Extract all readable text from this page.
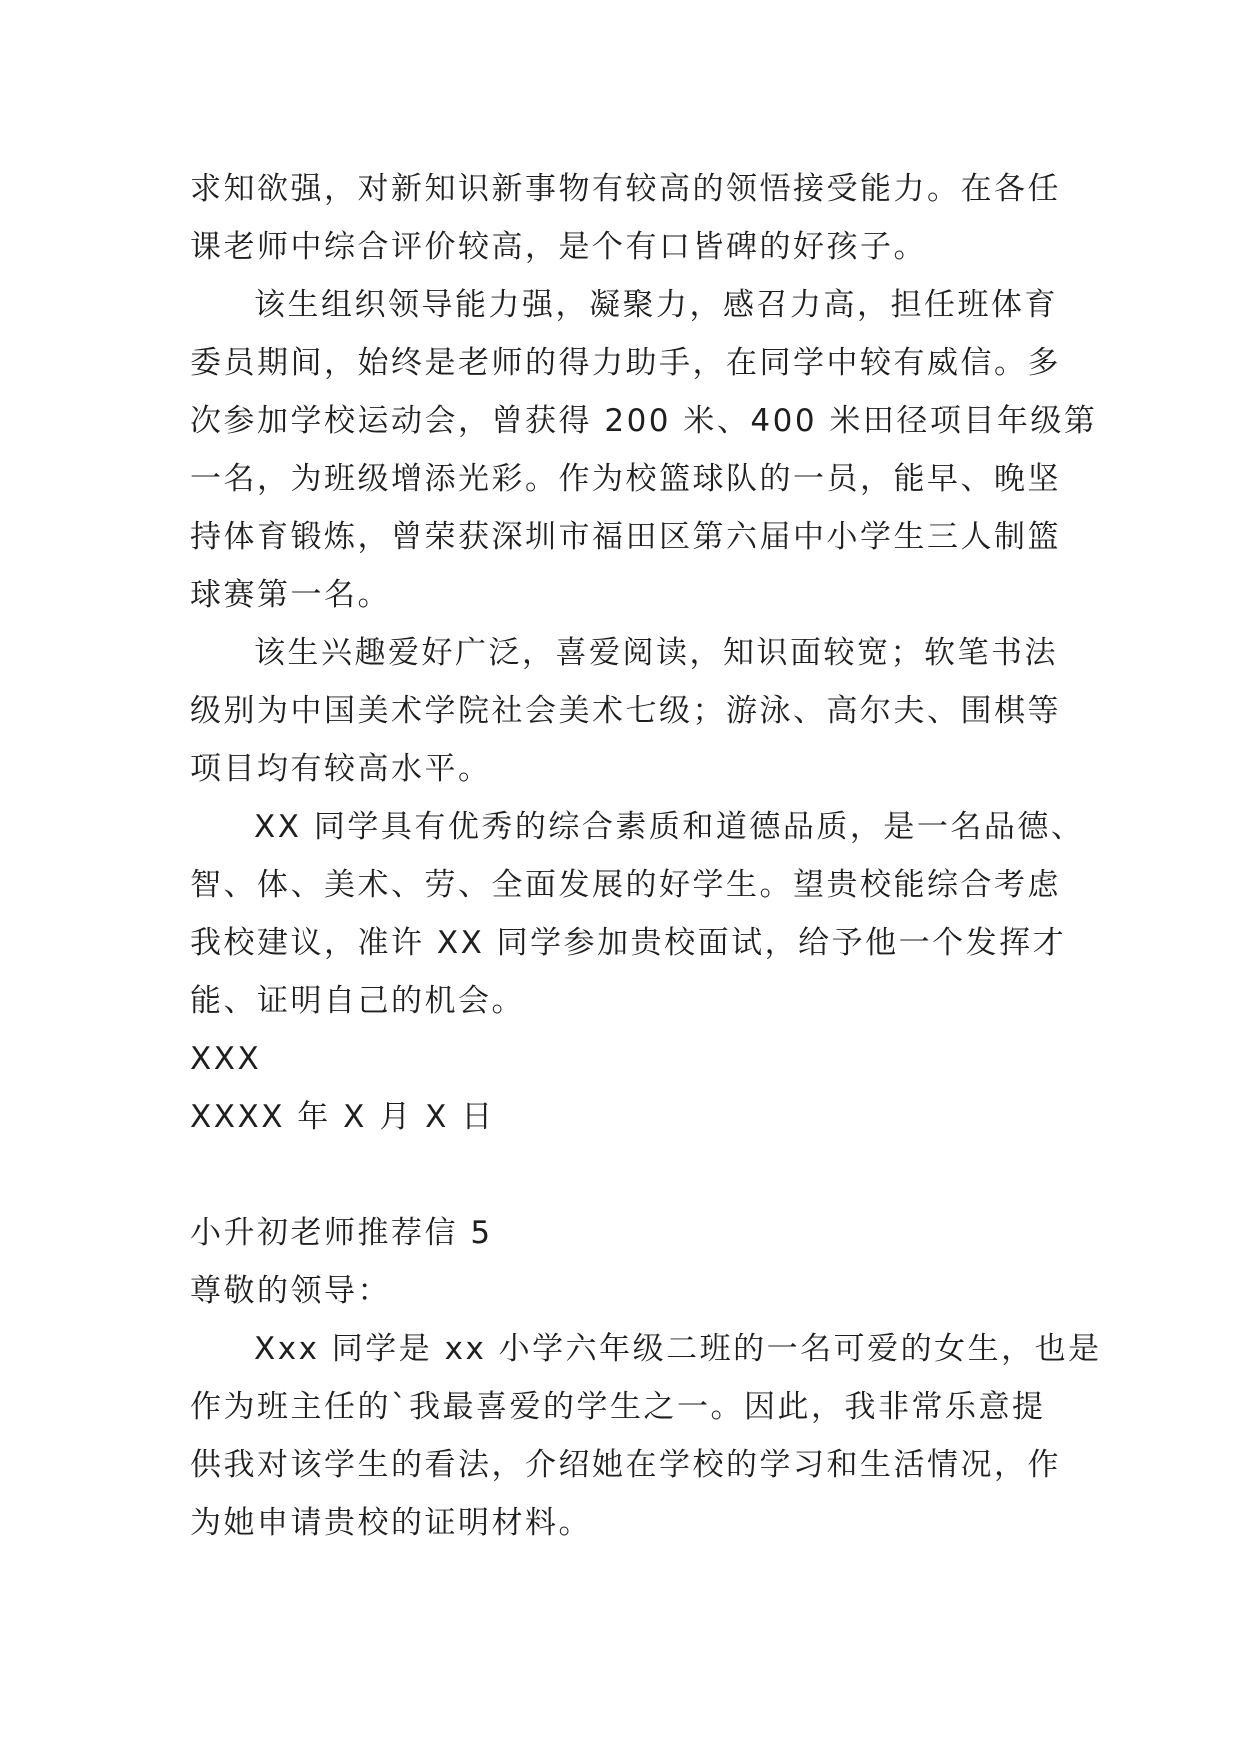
求知欲强，对新知识新事物有较高的领悟接受能力。在各任
课老师中综合评价较高，是个有口皆碑的好孩子。
该生组织领导能力强，凝聚力，感召力高，担任班体育
委员期间，始终是老师的得力助手，在同学中较有威信。多
次参加学校运动会，曾获得 200 米、400 米田径项目年级第
一名，为班级增添光彩。作为校篮球队的一员，能早、晚坚
持体育锻炼，曾荣获深圳市福田区第六届中小学生三人制篮
球赛第一名。
该生兴趣爱好广泛，喜爱阅读，知识面较宽；软笔书法
级别为中国美术学院社会美术七级；游泳、高尔夫、围棋等
项目均有较高水平。
XX 同学具有优秀的综合素质和道德品质，是一名品德、
智、体、美术、劳、全面发展的好学生。望贵校能综合考虑
我校建议，准许 XX 同学参加贵校面试，给予他一个发挥才
能、证明自己的机会。
XXX
XXXX 年 X 月 X 日
小升初老师推荐信 5
尊敬的领导：
Xxx 同学是 xx 小学六年级二班的一名可爱的女生，也是
作为班主任的`我最喜爱的学生之一。因此，我非常乐意提
供我对该学生的看法，介绍她在学校的学习和生活情况，作
为她申请贵校的证明材料。
